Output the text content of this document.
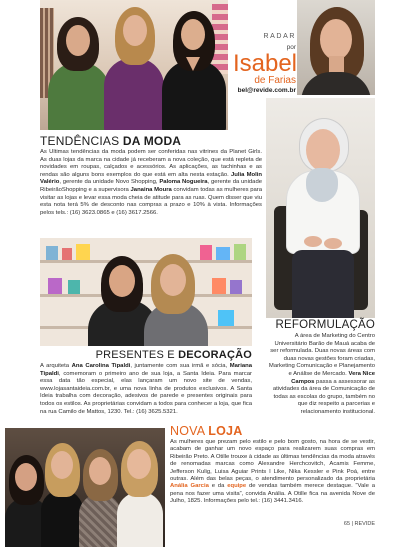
RADAR
por
Isabel
de Farias
bel@revide.com.br
TENDÊNCIAS DA MODA

As Ultimas tendências da moda podem ser conferidas nas vitrines da Planet Girls. As duas lojas da marca na cidade já receberam a nova coleção, que está repleta de novidades em roupas, calçados e acessórios. As aplicações, as tachinhas e as rendas são alguns bons exemplos do que está em alta nesta estação. Julia Molin Valério, gerente da unidade Novo Shopping, Paloma Nogueira, gerente da unidade RibeirãoShopping e a supervisora Janaina Moura convidam todas as mulheres para visitar as lojas e levar essa moda cheia de atitude para as ruas. Quem disser que viu esta nota terá 5% de desconto nas compras a prazo e 10% à vista. Informações pelos tels.: (16) 3623.0865 e (16) 3617.2566.

REFORMULAÇÃO

A área de Marketing do Centro Universitário Barão de Mauá acaba de ser reformulada. Duas novas áreas com duas novas gestões foram criadas, Marketing Comunicação e Planejamento e Análise de Mercado. Vera Nice Campos passa a assessorar as atividades da área de Comunicação de todas as escolas do grupo, também no que diz respeito a parcerias e relacionamento institucional.

PRESENTES E DECORAÇÃO

A arquiteta Ana Carolina Tipaldi, juntamente com sua irmã e sócia, Mariana Tipaldi, comemoram o primeiro ano de sua loja, a Santa Ideia. Para marcar essa data tão especial, elas lançaram um novo site de vendas, www.lojasantaideia.com.br, e uma nova linha de produtos exclusivos. A Santa Ideia trabalha com decoração, adesivos de parede e presentes originais para todos os estilos. As proprietárias convidam a todos para conhecer a loja, que fica na rua Camilo de Mattos, 1230. Tel.: (16) 3625.5321.

NOVA LOJA

As mulheres que prezam pelo estilo e pelo bom gosto, na hora de se vestir, acabam de ganhar um novo espaço para realizarem suas compras em Ribeirão Preto. A Otille trouxe à cidade as últimas tendências da moda através de renomadas marcas como Alexandre Herchcovitch, Acamis Femme, Jefferson Kulig, Luisa Aguiar Prints I Like, Nika Kessler e Pink Poá, entre outras. Além das belas peças, o atendimento personalizado da proprietária Anália Garcia e da equipe de vendas também merece destaque. “Vale a pena nos fazer uma visita”, convida Anália. A Otille fica na avenida Nove de Julho, 1825. Informações pelo tel.: (16) 3441.3416.

65 | REVIDE
